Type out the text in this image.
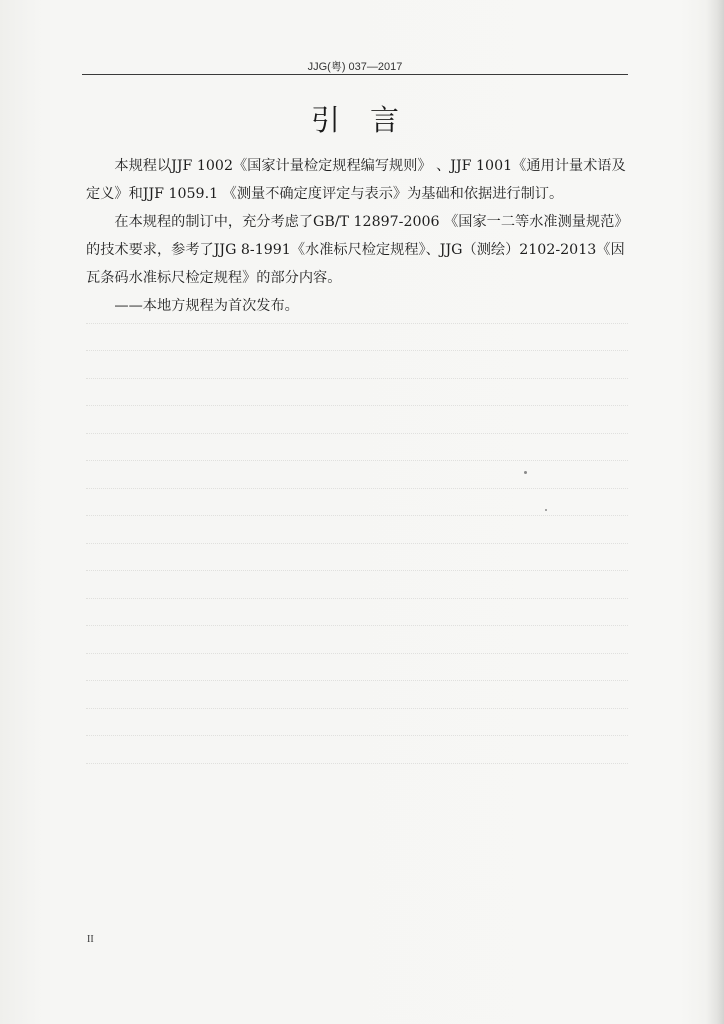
JJG(粤) 037—2017
引言

本规程以JJF 1002《国家计量检定规程编写规则》 、JJF 1001《通用计量术语及定义》和JJF 1059.1 《测量不确定度评定与表示》为基础和依据进行制订。

在本规程的制订中，充分考虑了GB/T 12897-2006 《国家一二等水准测量规范》的技术要求，参考了JJG 8-1991《水准标尺检定规程》、JJG（测绘）2102-2013《因瓦条码水准标尺检定规程》的部分内容。

——本地方规程为首次发布。

II
